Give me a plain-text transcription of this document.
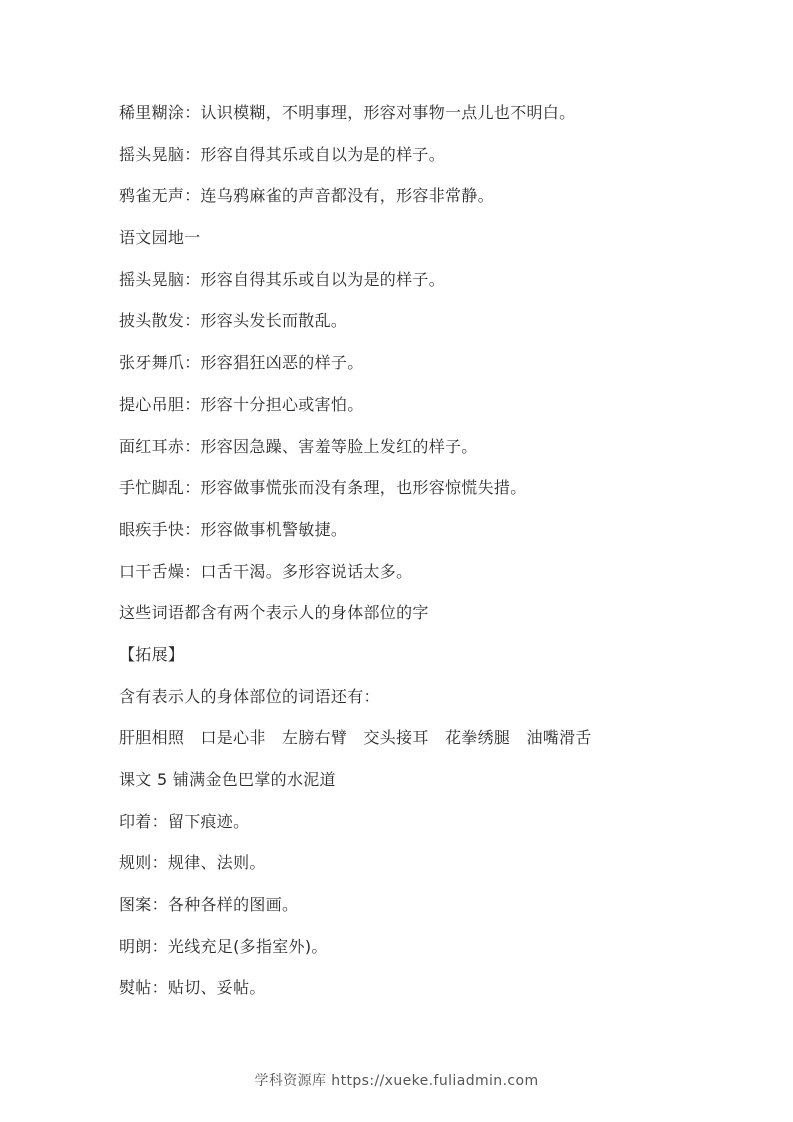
稀里糊涂：认识模糊，不明事理，形容对事物一点儿也不明白。
摇头晃脑：形容自得其乐或自以为是的样子。
鸦雀无声：连乌鸦麻雀的声音都没有，形容非常静。
语文园地一
摇头晃脑：形容自得其乐或自以为是的样子。
披头散发：形容头发长而散乱。
张牙舞爪：形容猖狂凶恶的样子。
提心吊胆：形容十分担心或害怕。
面红耳赤：形容因急躁、害羞等脸上发红的样子。
手忙脚乱：形容做事慌张而没有条理，也形容惊慌失措。
眼疾手快：形容做事机警敏捷。
口干舌燥：口舌干渴。多形容说话太多。
这些词语都含有两个表示人的身体部位的字
【拓展】
含有表示人的身体部位的词语还有：
肝胆相照　口是心非　左膀右臂　交头接耳　花拳绣腿　油嘴滑舌
课文 5 铺满金色巴掌的水泥道
印着：留下痕迹。
规则：规律、法则。
图案：各种各样的图画。
明朗：光线充足(多指室外)。
熨帖：贴切、妥帖。
学科资源库 https://xueke.fuliadmin.com
